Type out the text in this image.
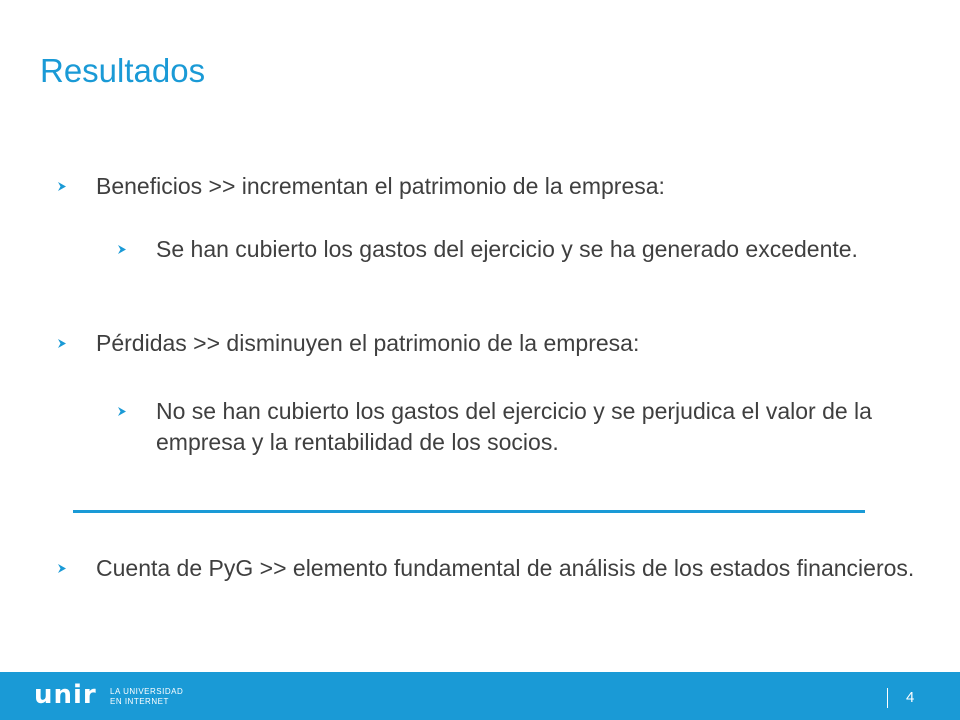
Resultados
Beneficios >> incrementan el patrimonio de la empresa:
Se han cubierto los gastos del ejercicio y se ha generado excedente.
Pérdidas >> disminuyen el patrimonio de la empresa:
No se han cubierto los gastos del ejercicio y se perjudica el valor de la empresa y la rentabilidad de los socios.
Cuenta de PyG >> elemento fundamental de análisis de los estados financieros.
unir LA UNIVERSIDAD
EN INTERNET	4
